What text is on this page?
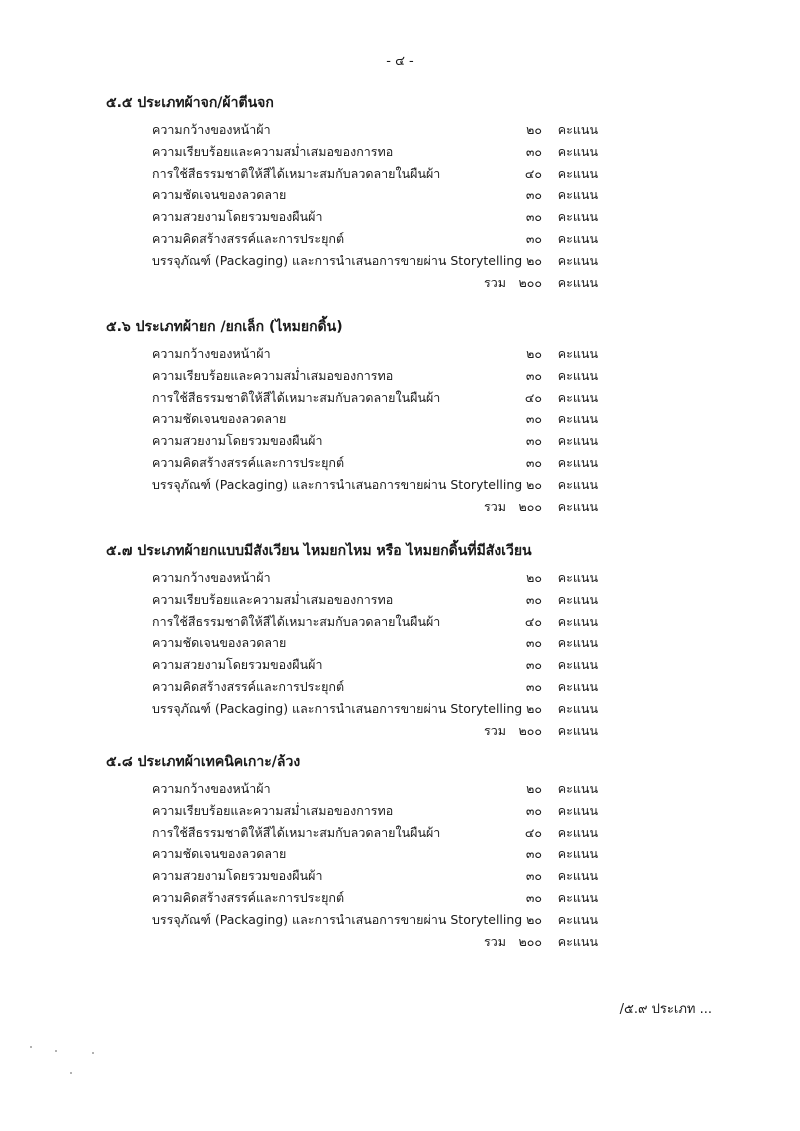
- ๔ -
๕.๕ ประเภทผ้าจก/ผ้าตีนจก
ความกว้างของหน้าผ้า	๒๐ คะแนน
ความเรียบร้อยและความสม่ำเสมอของการทอ	๓๐ คะแนน
การใช้สีธรรมชาติให้สีได้เหมาะสมกับลวดลายในผืนผ้า	๔๐ คะแนน
ความชัดเจนของลวดลาย	๓๐ คะแนน
ความสวยงามโดยรวมของผืนผ้า	๓๐ คะแนน
ความคิดสร้างสรรค์และการประยุกต์	๓๐ คะแนน
บรรจุภัณฑ์ (Packaging) และการนำเสนอการขายผ่าน Storytelling ๒๐ คะแนน
รวม ๒๐๐ คะแนน
๕.๖ ประเภทผ้ายก /ยกเล็ก (ไหมยกดิ้น)
ความกว้างของหน้าผ้า	๒๐ คะแนน
ความเรียบร้อยและความสม่ำเสมอของการทอ	๓๐ คะแนน
การใช้สีธรรมชาติให้สีได้เหมาะสมกับลวดลายในผืนผ้า	๔๐ คะแนน
ความชัดเจนของลวดลาย	๓๐ คะแนน
ความสวยงามโดยรวมของผืนผ้า	๓๐ คะแนน
ความคิดสร้างสรรค์และการประยุกต์	๓๐ คะแนน
บรรจุภัณฑ์ (Packaging) และการนำเสนอการขายผ่าน Storytelling ๒๐ คะแนน
รวม ๒๐๐ คะแนน
๕.๗ ประเภทผ้ายกแบบมีสังเวียน ไหมยกไหม หรือ ไหมยกดิ้นที่มีสังเวียน
ความกว้างของหน้าผ้า	๒๐ คะแนน
ความเรียบร้อยและความสม่ำเสมอของการทอ	๓๐ คะแนน
การใช้สีธรรมชาติให้สีได้เหมาะสมกับลวดลายในผืนผ้า	๔๐ คะแนน
ความชัดเจนของลวดลาย	๓๐ คะแนน
ความสวยงามโดยรวมของผืนผ้า	๓๐ คะแนน
ความคิดสร้างสรรค์และการประยุกต์	๓๐ คะแนน
บรรจุภัณฑ์ (Packaging) และการนำเสนอการขายผ่าน Storytelling ๒๐ คะแนน
รวม ๒๐๐ คะแนน
๕.๘ ประเภทผ้าเทคนิคเกาะ/ล้วง
ความกว้างของหน้าผ้า	๒๐ คะแนน
ความเรียบร้อยและความสม่ำเสมอของการทอ	๓๐ คะแนน
การใช้สีธรรมชาติให้สีได้เหมาะสมกับลวดลายในผืนผ้า	๔๐ คะแนน
ความชัดเจนของลวดลาย	๓๐ คะแนน
ความสวยงามโดยรวมของผืนผ้า	๓๐ คะแนน
ความคิดสร้างสรรค์และการประยุกต์	๓๐ คะแนน
บรรจุภัณฑ์ (Packaging) และการนำเสนอการขายผ่าน Storytelling ๒๐ คะแนน
รวม ๒๐๐ คะแนน
/๕.๙ ประเภท ...
